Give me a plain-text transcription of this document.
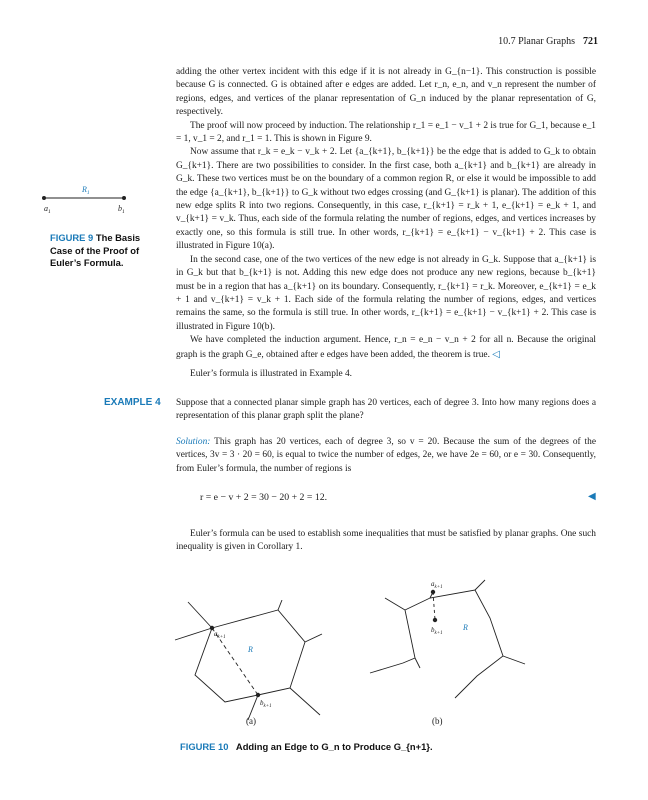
10.7 Planar Graphs 721

adding the other vertex incident with this edge if it is not already in G_{n−1}. This construction is possible because G is connected. G is obtained after e edges are added. Let r_n, e_n, and v_n represent the number of regions, edges, and vertices of the planar representation of G_n induced by the planar representation of G, respectively.

The proof will now proceed by induction. The relationship r_1 = e_1 − v_1 + 2 is true for G_1, because e_1 = 1, v_1 = 2, and r_1 = 1. This is shown in Figure 9.

Now assume that r_k = e_k − v_k + 2. Let {a_{k+1}, b_{k+1}} be the edge that is added to G_k to obtain G_{k+1}. There are two possibilities to consider. In the first case, both a_{k+1} and b_{k+1} are already in G_k. These two vertices must be on the boundary of a common region R, or else it would be impossible to add the edge {a_{k+1}, b_{k+1}} to G_k without two edges crossing (and G_{k+1} is planar). The addition of this new edge splits R into two regions. Consequently, in this case, r_{k+1} = r_k + 1, e_{k+1} = e_k + 1, and v_{k+1} = v_k. Thus, each side of the formula relating the number of regions, edges, and vertices increases by exactly one, so this formula is still true. In other words, r_{k+1} = e_{k+1} − v_{k+1} + 2. This case is illustrated in Figure 10(a).

In the second case, one of the two vertices of the new edge is not already in G_k. Suppose that a_{k+1} is in G_k but that b_{k+1} is not. Adding this new edge does not produce any new regions, because b_{k+1} must be in a region that has a_{k+1} on its boundary. Consequently, r_{k+1} = r_k. Moreover, e_{k+1} = e_k + 1 and v_{k+1} = v_k + 1. Each side of the formula relating the number of regions, edges, and vertices remains the same, so the formula is still true. In other words, r_{k+1} = e_{k+1} − v_{k+1} + 2. This case is illustrated in Figure 10(b).

We have completed the induction argument. Hence, r_n = e_n − v_n + 2 for all n. Because the original graph is the graph G_e, obtained after e edges have been added, the theorem is true. ◁

Euler’s formula is illustrated in Example 4.

EXAMPLE 4 Suppose that a connected planar simple graph has 20 vertices, each of degree 3. Into how many regions does a representation of this planar graph split the plane?

Solution: This graph has 20 vertices, each of degree 3, so v = 20. Because the sum of the degrees of the vertices, 3v = 3 · 20 = 60, is equal to twice the number of edges, 2e, we have 2e = 60, or e = 30. Consequently, from Euler’s formula, the number of regions is

r = e − v + 2 = 30 − 20 + 2 = 12.	◀

Euler’s formula can be used to establish some inequalities that must be satisfied by planar graphs. One such inequality is given in Corollary 1.

$R_1$
$a_1$	$b_1$
FIGURE 9 The Basis Case of the Proof of Euler’s Formula.
$a_{k+1}$
$b_{k+1}$
R
$a_{k+1}$
$b_{k+1}$
R
(a)	(b)
FIGURE 10 Adding an Edge to G_n to Produce G_{n+1}.
